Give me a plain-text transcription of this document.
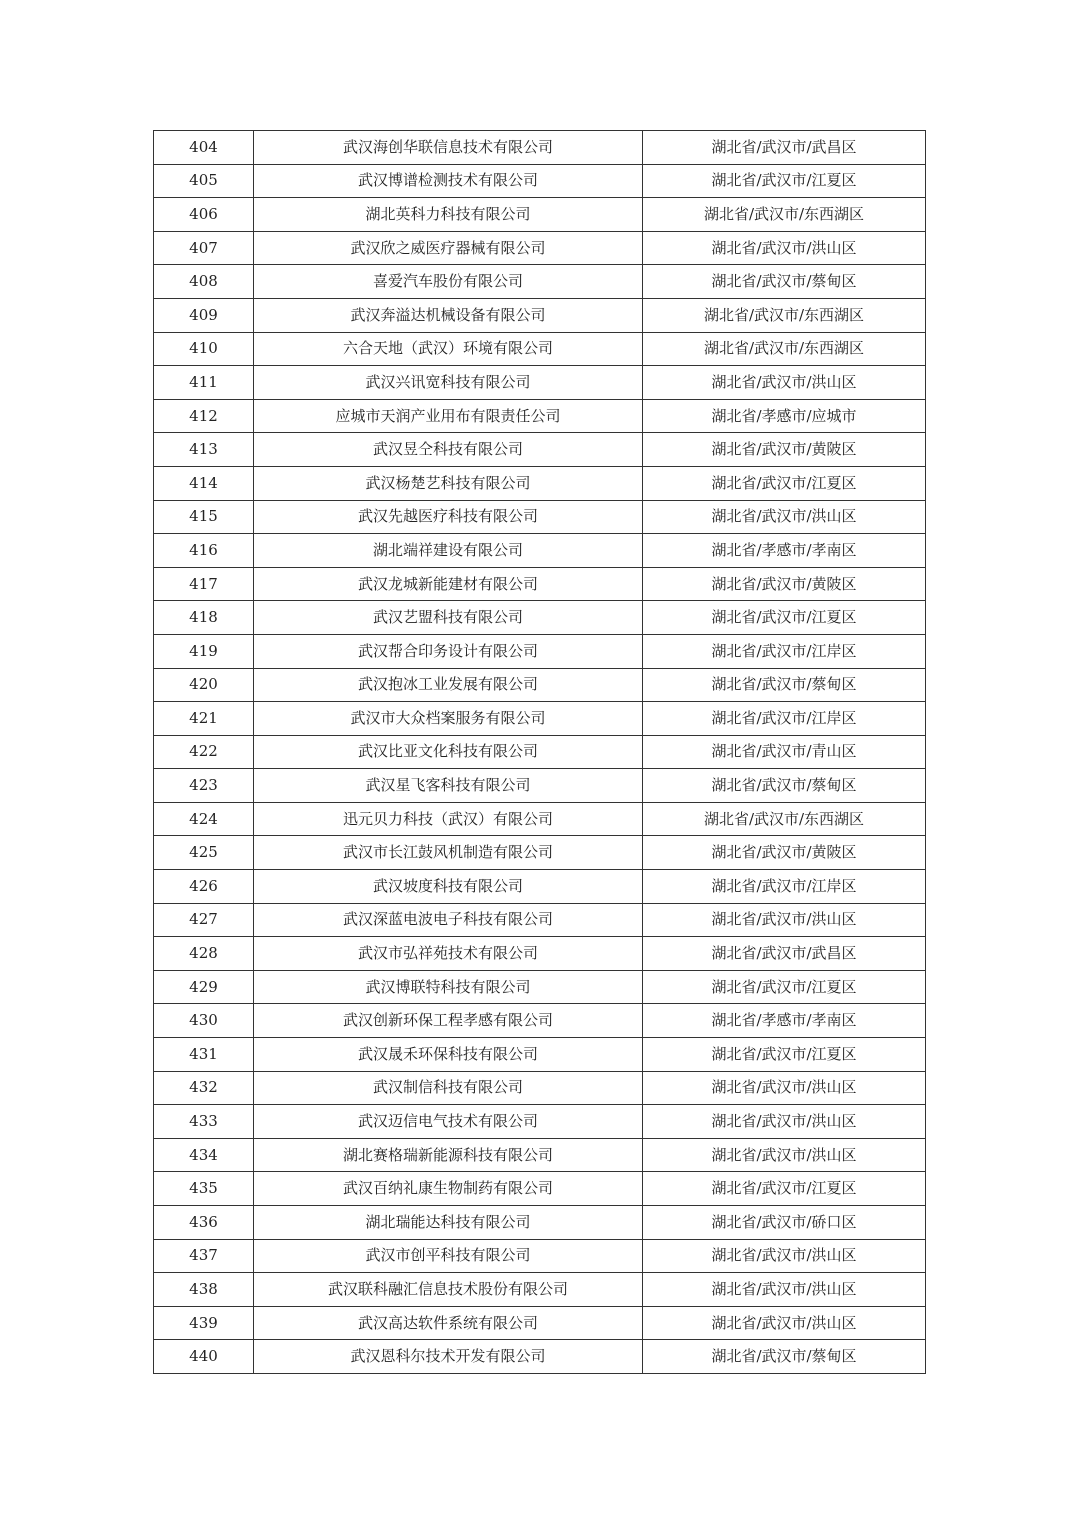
404	武汉海创华联信息技术有限公司	湖北省/武汉市/武昌区
405	武汉博谱检测技术有限公司	湖北省/武汉市/江夏区
406	湖北英科力科技有限公司	湖北省/武汉市/东西湖区
407	武汉欣之威医疗器械有限公司	湖北省/武汉市/洪山区
408	喜爱汽车股份有限公司	湖北省/武汉市/蔡甸区
409	武汉奔溢达机械设备有限公司	湖北省/武汉市/东西湖区
410	六合天地（武汉）环境有限公司	湖北省/武汉市/东西湖区
411	武汉兴讯宽科技有限公司	湖北省/武汉市/洪山区
412	应城市天润产业用布有限责任公司	湖北省/孝感市/应城市
413	武汉昱仝科技有限公司	湖北省/武汉市/黄陂区
414	武汉杨楚艺科技有限公司	湖北省/武汉市/江夏区
415	武汉先越医疗科技有限公司	湖北省/武汉市/洪山区
416	湖北端祥建设有限公司	湖北省/孝感市/孝南区
417	武汉龙城新能建材有限公司	湖北省/武汉市/黄陂区
418	武汉艺盟科技有限公司	湖北省/武汉市/江夏区
419	武汉帮合印务设计有限公司	湖北省/武汉市/江岸区
420	武汉抱冰工业发展有限公司	湖北省/武汉市/蔡甸区
421	武汉市大众档案服务有限公司	湖北省/武汉市/江岸区
422	武汉比亚文化科技有限公司	湖北省/武汉市/青山区
423	武汉星飞客科技有限公司	湖北省/武汉市/蔡甸区
424	迅元贝力科技（武汉）有限公司	湖北省/武汉市/东西湖区
425	武汉市长江鼓风机制造有限公司	湖北省/武汉市/黄陂区
426	武汉坡度科技有限公司	湖北省/武汉市/江岸区
427	武汉深蓝电波电子科技有限公司	湖北省/武汉市/洪山区
428	武汉市弘祥苑技术有限公司	湖北省/武汉市/武昌区
429	武汉博联特科技有限公司	湖北省/武汉市/江夏区
430	武汉创新环保工程孝感有限公司	湖北省/孝感市/孝南区
431	武汉晟禾环保科技有限公司	湖北省/武汉市/江夏区
432	武汉制信科技有限公司	湖北省/武汉市/洪山区
433	武汉迈信电气技术有限公司	湖北省/武汉市/洪山区
434	湖北赛格瑞新能源科技有限公司	湖北省/武汉市/洪山区
435	武汉百纳礼康生物制药有限公司	湖北省/武汉市/江夏区
436	湖北瑞能达科技有限公司	湖北省/武汉市/硚口区
437	武汉市创平科技有限公司	湖北省/武汉市/洪山区
438	武汉联科融汇信息技术股份有限公司	湖北省/武汉市/洪山区
439	武汉高达软件系统有限公司	湖北省/武汉市/洪山区
440	武汉恩科尔技术开发有限公司	湖北省/武汉市/蔡甸区
